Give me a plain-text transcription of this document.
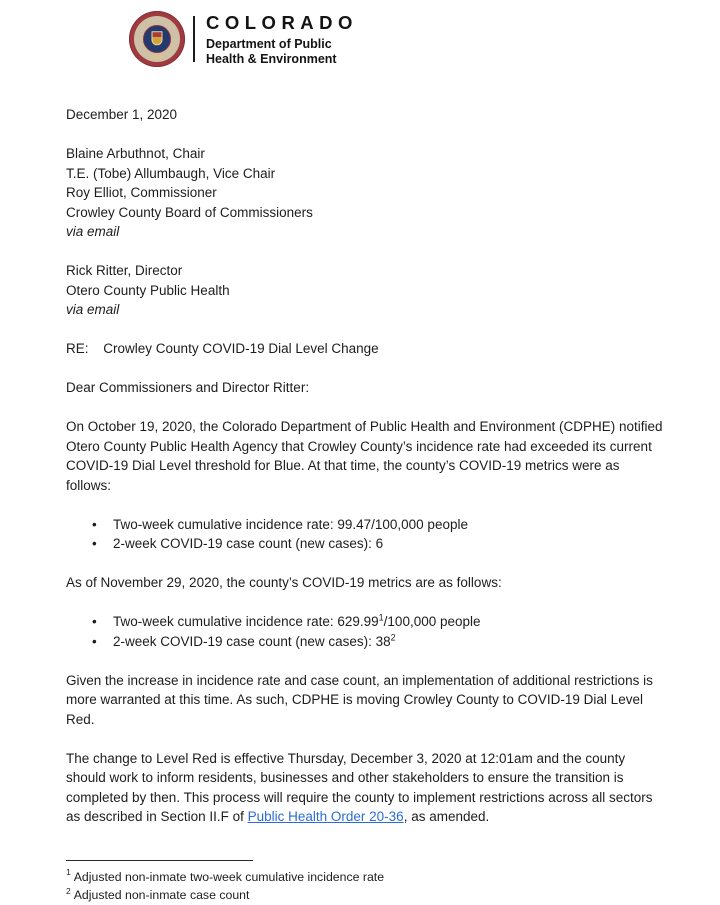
1876
COLORADO
Department of Public
Health & Environment

December 1, 2020

Blaine Arbuthnot, Chair
T.E. (Tobe) Allumbaugh, Vice Chair
Roy Elliot, Commissioner
Crowley County Board of Commissioners
via email

Rick Ritter, Director
Otero County Public Health
via email

RE: Crowley County COVID-19 Dial Level Change

Dear Commissioners and Director Ritter:

On October 19, 2020, the Colorado Department of Public Health and Environment (CDPHE) notified Otero County Public Health Agency that Crowley County’s incidence rate had exceeded its current COVID-19 Dial Level threshold for Blue. At that time, the county’s COVID-19 metrics were as follows:

• Two-week cumulative incidence rate: 99.47/100,000 people
• 2-week COVID-19 case count (new cases): 6

As of November 29, 2020, the county’s COVID-19 metrics are as follows:

• Two-week cumulative incidence rate: 629.99$^1$/100,000 people
• 2-week COVID-19 case count (new cases): $38^2$

Given the increase in incidence rate and case count, an implementation of additional restrictions is more warranted at this time. As such, CDPHE is moving Crowley County to COVID-19 Dial Level Red.

The change to Level Red is effective Thursday, December 3, 2020 at 12:01am and the county should work to inform residents, businesses and other stakeholders to ensure the transition is completed by then. This process will require the county to implement restrictions across all sectors as described in Section II.F of Public Health Order 20-36, as amended.

$^1$ Adjusted non-inmate two-week cumulative incidence rate
$^2$ Adjusted non-inmate case count
